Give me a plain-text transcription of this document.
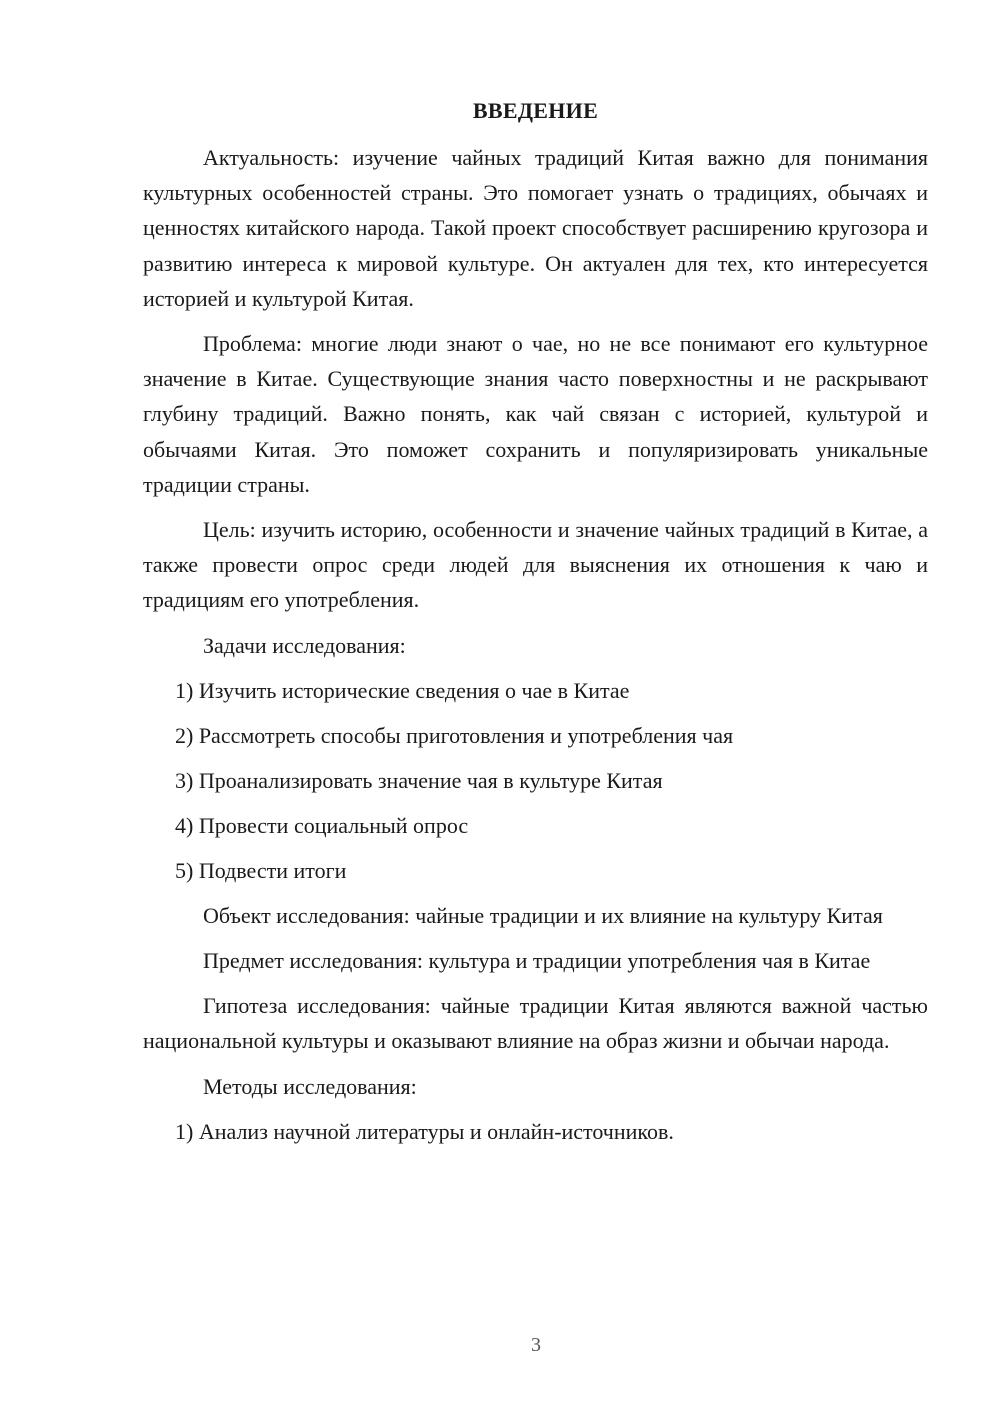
ВВЕДЕНИЕ

Актуальность: изучение чайных традиций Китая важно для понимания культурных особенностей страны. Это помогает узнать о традициях, обычаях и ценностях китайского народа. Такой проект способствует расширению кругозора и развитию интереса к мировой культуре. Он актуален для тех, кто интересуется историей и культурой Китая.

Проблема: многие люди знают о чае, но не все понимают его культурное значение в Китае. Существующие знания часто поверхностны и не раскрывают глубину традиций. Важно понять, как чай связан с историей, культурой и обычаями Китая. Это поможет сохранить и популяризировать уникальные традиции страны.

Цель: изучить историю, особенности и значение чайных традиций в Китае, а также провести опрос среди людей для выяснения их отношения к чаю и традициям его употребления.

Задачи исследования:

1) Изучить исторические сведения о чае в Китае
2) Рассмотреть способы приготовления и употребления чая
3) Проанализировать значение чая в культуре Китая
4) Провести социальный опрос
5) Подвести итоги

Объект исследования: чайные традиции и их влияние на культуру Китая

Предмет исследования: культура и традиции употребления чая в Китае

Гипотеза исследования: чайные традиции Китая являются важной частью национальной культуры и оказывают влияние на образ жизни и обычаи народа.

Методы исследования:

1) Анализ научной литературы и онлайн-источников.
3
